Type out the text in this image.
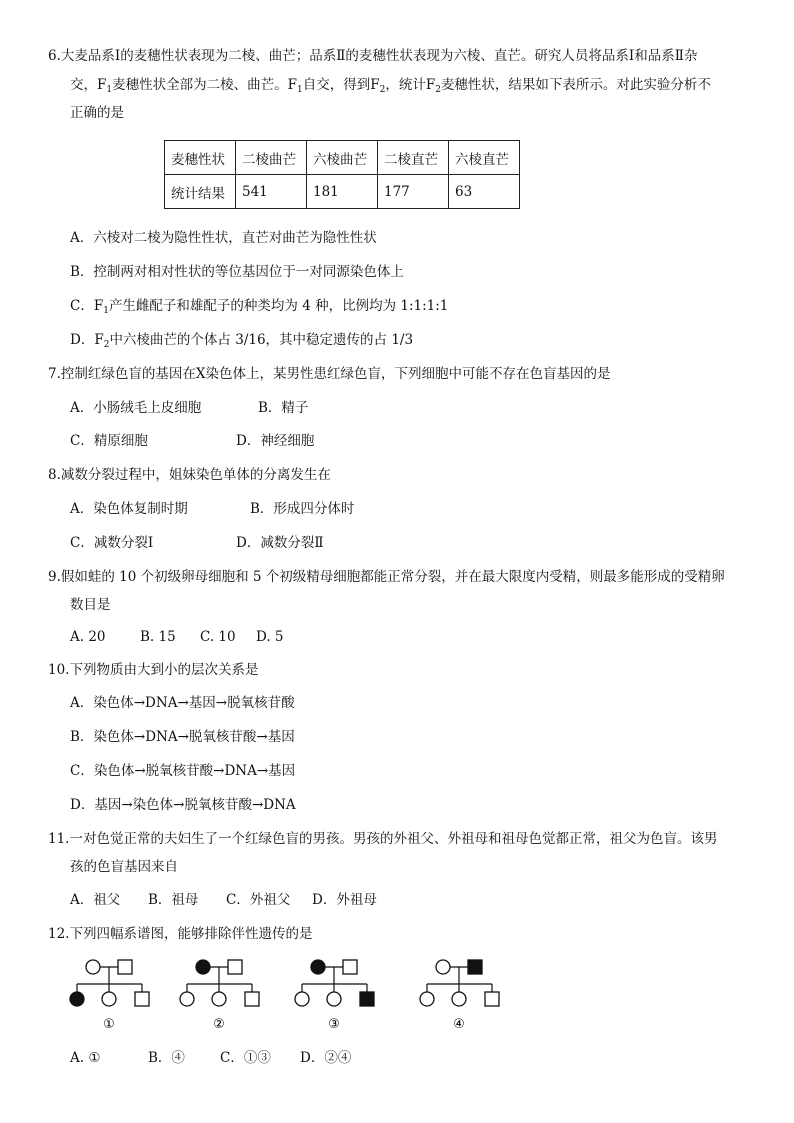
6.大麦品系Ⅰ的麦穗性状表现为二棱、曲芒；品系Ⅱ的麦穗性状表现为六棱、直芒。研究人员将品系Ⅰ和品系Ⅱ杂
交，$F_1$麦穗性状全部为二棱、曲芒。$F_1$自交，得到$F_2$，统计$F_2$麦穗性状，结果如下表所示。对此实验分析不
正确的是
麦穗性状	二棱曲芒	六棱曲芒	二棱直芒	六棱直芒
统计结果	541	181	177	63
A．六棱对二棱为隐性性状，直芒对曲芒为隐性性状
B．控制两对相对性状的等位基因位于一对同源染色体上
C．$F_1$产生雌配子和雄配子的种类均为 4 种，比例均为 1:1:1:1
D．$F_2$中六棱曲芒的个体占 3/16，其中稳定遗传的占 1/3
7.控制红绿色盲的基因在X染色体上，某男性患红绿色盲，下列细胞中可能不存在色盲基因的是
A．小肠绒毛上皮细胞	B．精子
C．精原细胞	D．神经细胞
8.减数分裂过程中，姐妹染色单体的分离发生在
A．染色体复制时期	B．形成四分体时
C．减数分裂Ⅰ	D．减数分裂Ⅱ
9.假如蛙的 10 个初级卵母细胞和 5 个初级精母细胞都能正常分裂，并在最大限度内受精，则最多能形成的受精卵
数目是
A. 20	B. 15 C. 10 D. 5
10.下列物质由大到小的层次关系是
A．染色体→DNA→基因→脱氧核苷酸
B．染色体→DNA→脱氧核苷酸→基因
C．染色体→脱氧核苷酸→DNA→基因
D．基因→染色体→脱氧核苷酸→DNA
11.一对色觉正常的夫妇生了一个红绿色盲的男孩。男孩的外祖父、外祖母和祖母色觉都正常，祖父为色盲。该男
孩的色盲基因来自
A．祖父 B．祖母 C．外祖父 D．外祖母
12.下列四幅系谱图，能够排除伴性遗传的是
①	②	③	④
A. ①	B．④	C．①③ D．②④
